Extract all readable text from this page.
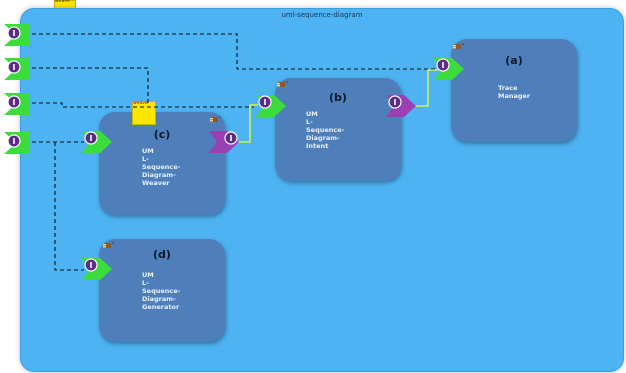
weave
uml-sequence-diagram
(a)
Trace
Manager
(b)
UM
L-
Sequence-
Diagram-
Intent
(c)
UM
L-
Sequence-
Diagram-
Weaver
(d)
UM
L-
Sequence-
Diagram-
Generator
weave
I
I
I
I	I	I
I	I
I
I
